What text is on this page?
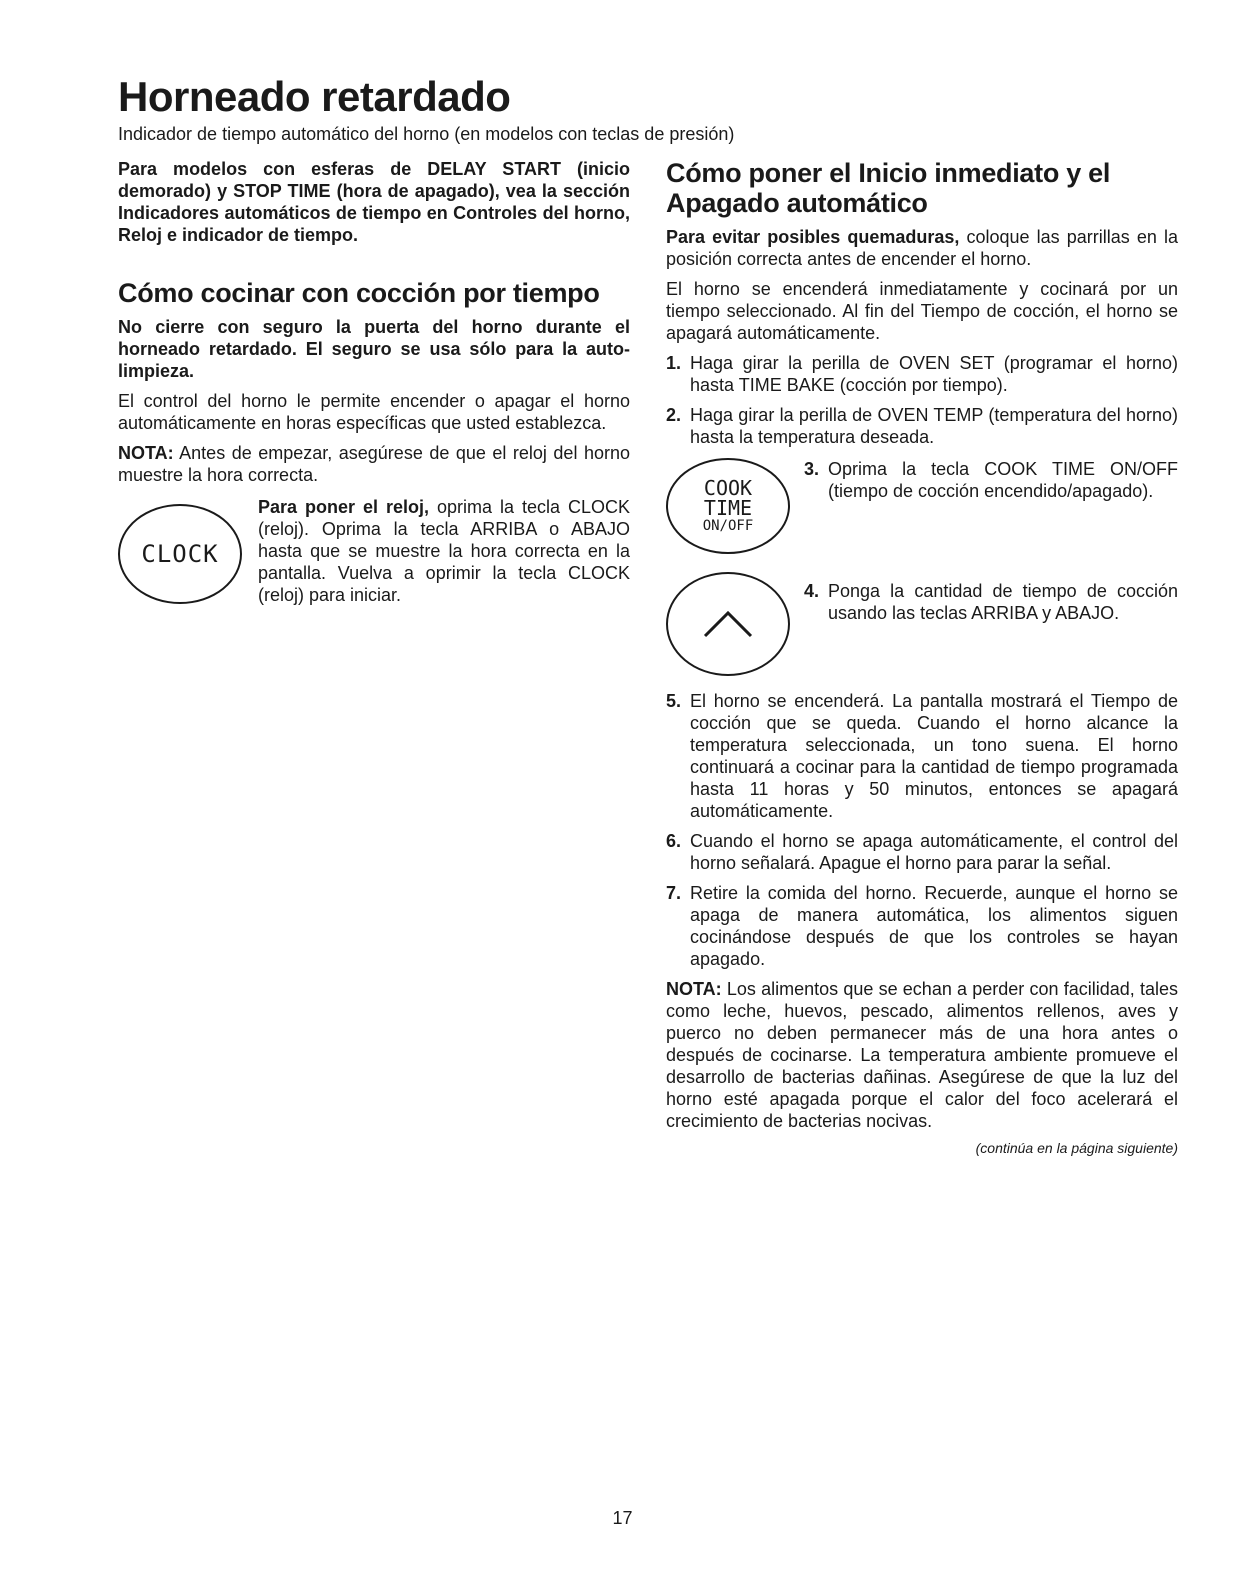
Horneado retardado

Indicador de tiempo automático del horno (en modelos con teclas de presión)

Para modelos con esferas de DELAY START (inicio demorado) y STOP TIME (hora de apagado), vea la sección Indicadores automáticos de tiempo en Controles del horno, Reloj e indicador de tiempo.

Cómo cocinar con cocción por tiempo

No cierre con seguro la puerta del horno durante el horneado retardado. El seguro se usa sólo para la auto-limpieza.

El control del horno le permite encender o apagar el horno automáticamente en horas específicas que usted establezca.

NOTA: Antes de empezar, asegúrese de que el reloj del horno muestre la hora correcta.

CLOCK

Para poner el reloj, oprima la tecla CLOCK (reloj). Oprima la tecla ARRIBA o ABAJO hasta que se muestre la hora correcta en la pantalla. Vuelva a oprimir la tecla CLOCK (reloj) para iniciar.

Cómo poner el Inicio inmediato y el Apagado automático

Para evitar posibles quemaduras, coloque las parrillas en la posición correcta antes de encender el horno.

El horno se encenderá inmediatamente y cocinará por un tiempo seleccionado. Al fin del Tiempo de cocción, el horno se apagará automáticamente.

1. Haga girar la perilla de OVEN SET (programar el horno) hasta TIME BAKE (cocción por tiempo).
2. Haga girar la perilla de OVEN TEMP (temperatura del horno) hasta la temperatura deseada.
COOK
TIME
ON/OFF
3. Oprima la tecla COOK TIME ON/OFF (tiempo de cocción encendido/apagado).
4. Ponga la cantidad de tiempo de cocción usando las teclas ARRIBA y ABAJO.
5. El horno se encenderá. La pantalla mostrará el Tiempo de cocción que se queda. Cuando el horno alcance la temperatura seleccionada, un tono suena. El horno continuará a cocinar para la cantidad de tiempo programada hasta 11 horas y 50 minutos, entonces se apagará automáticamente.
6. Cuando el horno se apaga automáticamente, el control del horno señalará. Apague el horno para parar la señal.
7. Retire la comida del horno. Recuerde, aunque el horno se apaga de manera automática, los alimentos siguen cocinándose después de que los controles se hayan apagado.

NOTA: Los alimentos que se echan a perder con facilidad, tales como leche, huevos, pescado, alimentos rellenos, aves y puerco no deben permanecer más de una hora antes o después de cocinarse. La temperatura ambiente promueve el desarrollo de bacterias dañinas. Asegúrese de que la luz del horno esté apagada porque el calor del foco acelerará el crecimiento de bacterias nocivas.

(continúa en la página siguiente)
17
